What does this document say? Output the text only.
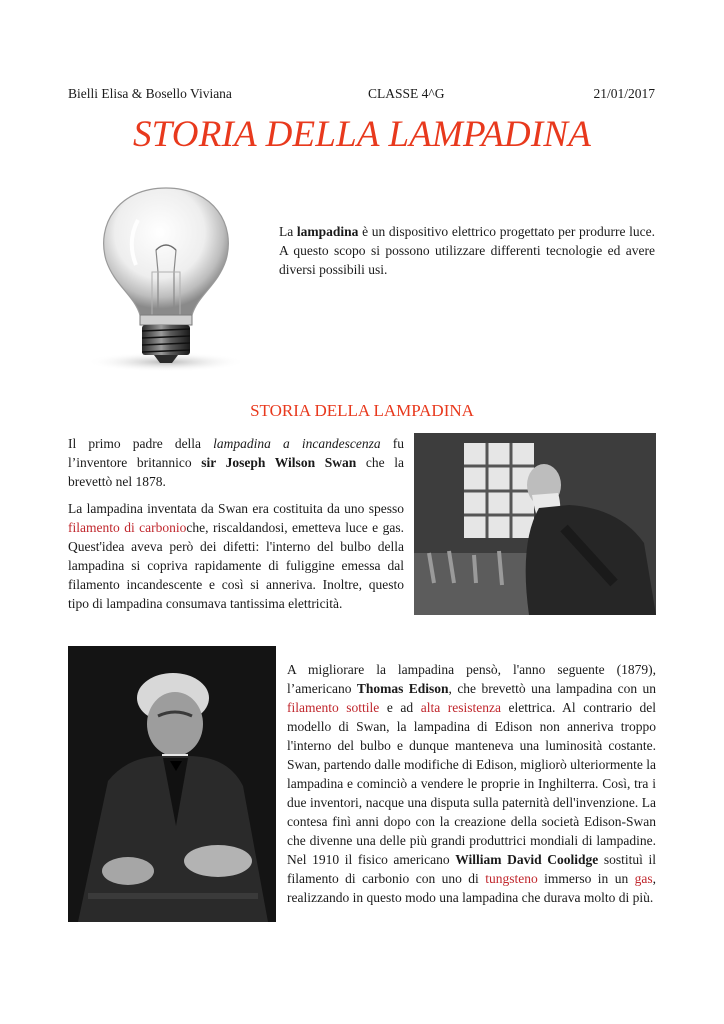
Bielli Elisa & Bosello Viviana	CLASSE 4^G	21/01/2017
STORIA DELLA LAMPADINA
La lampadina è un dispositivo elettrico progettato per produrre luce. A questo scopo si possono utilizzare differenti tecnologie ed avere diversi possibili usi.
STORIA DELLA LAMPADINA

Il primo padre della lampadina a incandescenza fu l’inventore britannico sir Joseph Wilson Swan che la brevettò nel 1878.

La lampadina inventata da Swan era costituita da uno spesso filamento di carbonioche, riscaldandosi, emetteva luce e gas. Quest'idea aveva però dei difetti: l'interno del bulbo della lampadina si copriva rapidamente di fuliggine emessa dal filamento incandescente e così si anneriva. Inoltre, questo tipo di lampadina consumava tantissima elettricità.

A migliorare la lampadina pensò, l'anno seguente (1879), l’americano Thomas Edison, che brevettò una lampadina con un filamento sottile e ad alta resistenza elettrica. Al contrario del modello di Swan, la lampadina di Edison non anneriva troppo l'interno del bulbo e dunque manteneva una luminosità costante. Swan, partendo dalle modifiche di Edison, migliorò ulteriormente la lampadina e cominciò a vendere le proprie in Inghilterra. Così, tra i due inventori, nacque una disputa sulla paternità dell'invenzione. La contesa finì anni dopo con la creazione della società Edison-Swan che divenne una delle più grandi produttrici mondiali di lampadine. Nel 1910 il fisico americano William David Coolidge sostituì il filamento di carbonio con uno di tungsteno immerso in un gas, realizzando in questo modo una lampadina che durava molto di più.
